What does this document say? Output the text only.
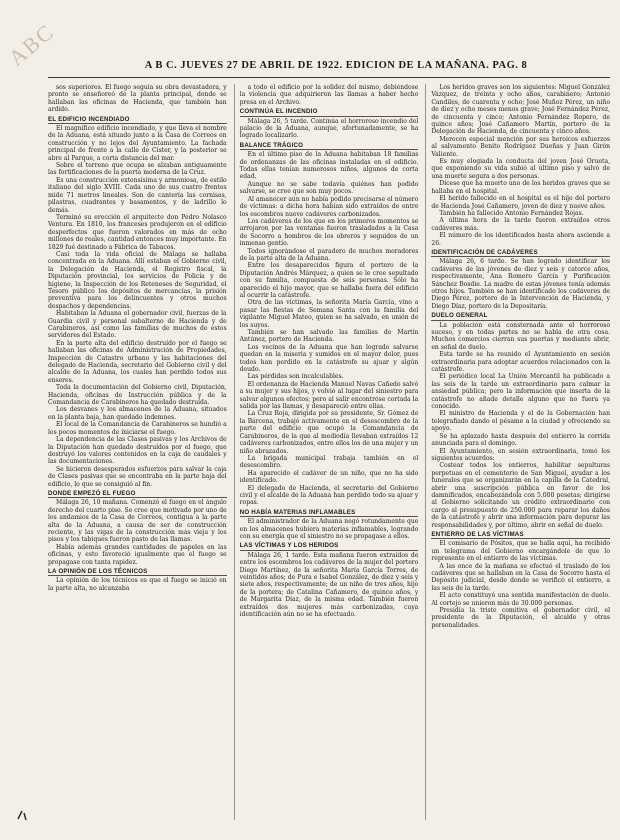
ABC	A B C. JUEVES 27 DE ABRIL DE 1922. EDICION DE LA MAÑANA. PAG. 8

sos superiores. El fuego seguía su obra devastadora, y pronto se enseñoreó de la planta principal, donde se hallaban las oficinas de Hacienda, que también han ardido.

EL EDIFICIO INCENDIADO

El magnífico edificio incendiado, y que lleva el nombre de la Aduana, está situado junto a la Casa de Correos en construcción y no lejos del Ayuntamiento. La fachada principal de frente a la calle de Císter, y la posterior se abre al Parque, a corta distancia del mar.

Sobre el terreno que ocupa se alzaban antiguamente las fortificaciones de la puerta moderna de la Cruz.

Es una construcción extensísima y armoniosa, de estilo italiano del siglo XVIII. Cada uno de sus cuatro frentes mide 71 metros lineales. Son de cantería las cornisas, pilastras, cuadrantes y basamentos, y de ladrillo lo demás.

Terminó su erección el arquitecto don Pedro Nolasco Ventura. En 1810, los franceses produjeron en el edificio desperfectos que fueron valorados en más de ocho millones de reales, cantidad entonces muy importante. En 1829 fué destinado a Fábrica de Tabacos.

Casi toda la vida oficial de Málaga se hallaba concentrada en la Aduana. Allí estaban el Gobierno civil, la Delegación de Hacienda, el Registro fiscal, la Diputación provincial, los servicios de Policía y de higiene, la Inspección de los Reteneses de Seguridad, el Tesoro público los depósitos de mercancías, la prisión preventiva para los delincuentes y otros muchos despachos y dependencias.

Habitaban la Aduana el gobernador civil, fuerzas de la Guardia civil y personal subalterno de Hacienda y de Carabineros, así como las familias de muchos de estos servidores del Estado.

En la parte alta del edificio destruído por el fuego se hallaban las oficinas de Administración de Propiedades, Inspección de Catastro urbano y las habitaciones del delegado de Hacienda, secretario del Gobierno civil y del alcalde de la Aduana, los cuales han perdido todos sus enseres.

Toda la documentación del Gobierno civil, Diputación, Hacienda, oficinas de Instrucción pública y de la Comandancia de Carabineros ha quedado destruída.

Los desvanes y los almacenes de la Aduana, situados en la planta baja, han quedado indemnes.

El local de la Comandancia de Carabineros se hundió a los pocos momentos de iniciarse el fuego.

La dependencia de las Clases pasivas y los Archivos de la Diputación han quedado destruídos por el fuego, que destruyó los valores contenidos en la caja de caudales y las documentaciones.

Se hicieron desesperados esfuerzos para salvar la caja de Clases pasivas que se encontraba en la parte baja del edificio, lo que se consiguió al fin.

DONDE EMPEZÓ EL FUEGO

Málaga 26, 10 mañana. Comenzó el fuego en el ángulo derecho del cuarto piso. Se cree que motivado por uno de los andamios de la Casa de Correos, contigua a la parte alta de la Aduana, a causa de ser de construcción reciente, y las vigas de la construcción más vieja y los pisos y los tabiques fueron pasto de las llamas.

Había además grandes cantidades de papeles en las oficinas, y esto favoreció igualmente que el fuego se propagase con tanta rapidez.

LA OPINIÓN DE LOS TÉCNICOS

La opinión de los técnicos es que el fuego se inició en la parte alta, no alcanzaba

a todo el edificio por la solidez del mismo, debiéndose la violencia que adquirieron las llamas a haber hecho presa en el Archivo.

CONTINÚA EL INCENDIO

Málaga 26, 5 tarde. Continúa el horroroso incendio del palacio de la Aduana, aunque, afortunadamente, se ha logrado localizarlo.

BALANCE TRÁGICO

En el último piso de la Aduana habitaban 18 familias de ordenanzas de las oficinas instaladas en el edificio. Todas ellas tenían numerosos niños, algunos de corta edad.

Aunque no se sabe todavía quiénes han podido salvarse, se cree que son muy pocos.

Al amanecer aún no había podido precisarse el número de víctimas: a dicha hora habían sido extraídos de entre los escombros nueve cadáveres carbonizados.

Los cadáveres de los que en los primeros momentos se arrojaron por las ventanas fueron trasladados a la Casa de Socorro a hombros de los obreros y seguidos de un inmenso gentío.

Todos ignorándose el paradero de muchos moradores de la parte alta de la Aduana.

Entre los desaparecidos figura el portero de la Diputación Andrés Márquez, a quien se le cree sepultado con su familia, compuesta de seis personas. Sólo ha aparecido el hijo mayor, que se hallaba fuera del edificio al ocurrir la catástrofe.

Otra de las víctimas, la señorita María García, vino a pasar las fiestas de Semana Santa con la familia del vigilante Miguel Mateo, quien se ha salvado, en unión de los suyos.

También se han salvado las familias de Martín Antúnez, portero de Hacienda.

Los vecinos de la Aduana que han logrado salvarse quedan en la miseria y sumidos en el mayor dolor, pues todos han perdido en la catástrofe su ajuar y algún deudo.

Las pérdidas son incalculables.

El ordenanza de Hacienda Manuel Navas Cañedo salvó a su mujer y sus hijos, y volvió al lugar del siniestro para salvar algunos efectos; pero al salir encontróse cortada la salida por las llamas, y desapareció entre ellas.

La Cruz Roja, dirigida por su presidente, Sr. Gómez de la Bárcena, trabajó activamente en el desescombro de la parte del edificio que ocupó la Comandancia de Carabineros, de la que al mediodía llevaban extraídos 12 cadáveres carbonizados, entre ellos los de una mujer y un niño abrazados.

La brigada municipal trabaja también en el desescombro.

Ha aparecido el cadáver de un niño, que no ha sido identificado.

El delegado de Hacienda, el secretario del Gobierno civil y el alcalde de la Aduana han perdido todo su ajuar y ropas.

NO HABÍA MATERIAS INFLAMABLES

El administrador de la Aduana negó rotundamente que en los almacenes hubiera materias inflamables, logrando con su energía que el siniestro no se propagase a ellos.

LAS VÍCTIMAS Y LOS HERIDOS

Málaga 26, 1 tarde. Esta mañana fueron extraídos de entre los escombros los cadáveres de la mujer del portero Diego Martínez, de la señorita María García Torres, de veintidós años; de Pura e Isabel González, de diez y seis y siete años, respectivamente; de un niño de tres años, hijo de la portera; de Catalina Cañamero, de quince años, y de Margarita Díaz, de la misma edad. También fueron extraídos dos mujeres más carbonizadas, cuya identificación aún no se ha efectuado.

Los heridos graves son los siguientes: Miguel González Vázquez, de treinta y ocho años, carabinero; Antonio Candiles, de cuarenta y ocho; José Muñoz Pérez, un niño de diez y ocho meses menos grave; José Fernández Pérez, de cincuenta y cinco; Antonio Fernández Ropero, de quince años; José Cañamero Martín, portero de la Delegación de Hacienda, de cincuenta y cinco años.

Merecen especial mención por sus heroicos esfuerzos al salvamento Benito Rodríguez Dueñas y Juan Girón Valiente.

Es muy elogiada la conducta del joven José Orueta, que exponiendo su vida subió al último piso y salvó de una muerte segura a dos personas.

Dícese que ha muerto uno de los heridos graves que se hallaba en el hospital.

El herido fallecido en el hospital es el hijo del portero de Hacienda José Cañamero, joven de diez y nueve años.

También ha fallecido Antonio Fernández Rojas.

A última hora de la tarde fueron extraídos otros cadáveres más.

El número de los identificados hasta ahora asciende a 26.

IDENTIFICACIÓN DE CADÁVERES

Málaga 26, 6 tarde. Se han logrado identificar los cadáveres de las jóvenes de diez y seis y catorce años, respectivamente, Ana Romero García y Purificación Sánchez Bosdie. La madre de estas jóvenes tenía además otros hijos. También se han identificado los cadáveres de Diego Pérez, portero de la Intervención de Hacienda, y Diego Díaz, portero de la Depositaría.

DUELO GENERAL

La población está consternada ante el horroroso suceso, y en todas partes no se habla de otra cosa. Muchos comercios cierran sus puertas y mediante abrir, en señal de duelo.

Esta tarde se ha reunido el Ayuntamiento en sesión extraordinaria para adoptar acuerdos relacionados con la catástrofe.

El periódico local La Unión Mercantil ha publicado a las seis de la tarde un extraordinario para calmar la ansiedad pública; pero la información que inserta de la catástrofe no añade detalle alguno que no fuera ya conocido.

El ministro de Hacienda y el de la Gobernación han telegrafiado dando el pésame a la ciudad y ofreciendo su apoyo.

Se ha aplazado hasta después del entierro la corrida anunciada para el domingo.

El Ayuntamiento, en sesión extraordinaria, tomó los siguientes acuerdos:

Costear todos los entierros, habilitar sepulturas perpetuas en el cementerio de San Miguel, ayudar a los funerales que se organizarán en la capilla de la Catedral, abrir una suscripción pública en favor de los damnificados, encabezándola con 5.000 pesetas; dirigirse al Gobierno solicitando un crédito extraordinario con cargo al presupuesto de 250.000 para reparar los daños de la catástrofe y abrir una información para depurar las responsabilidades y, por último, abrir en señal de duelo.

ENTIERRO DE LAS VÍCTIMAS

El comisario de Pósitos, que se halla aquí, ha recibido un telegrama del Gobierno encargándole de que lo represente en el entierro de las víctimas.

A las once de la mañana se efectuó el traslado de los cadáveres que se hallaban en la Casa de Socorro hasta el Depósito judicial, desde donde se verificó el entierro, a las seis de la tarde.

El acto constituyó una sentida manifestación de duelo. Al cortejo se unieron más de 30.000 personas.

Presidía la triste comitiva el gobernador civil, el presidente de la Diputación, el alcalde y otras personalidades.
